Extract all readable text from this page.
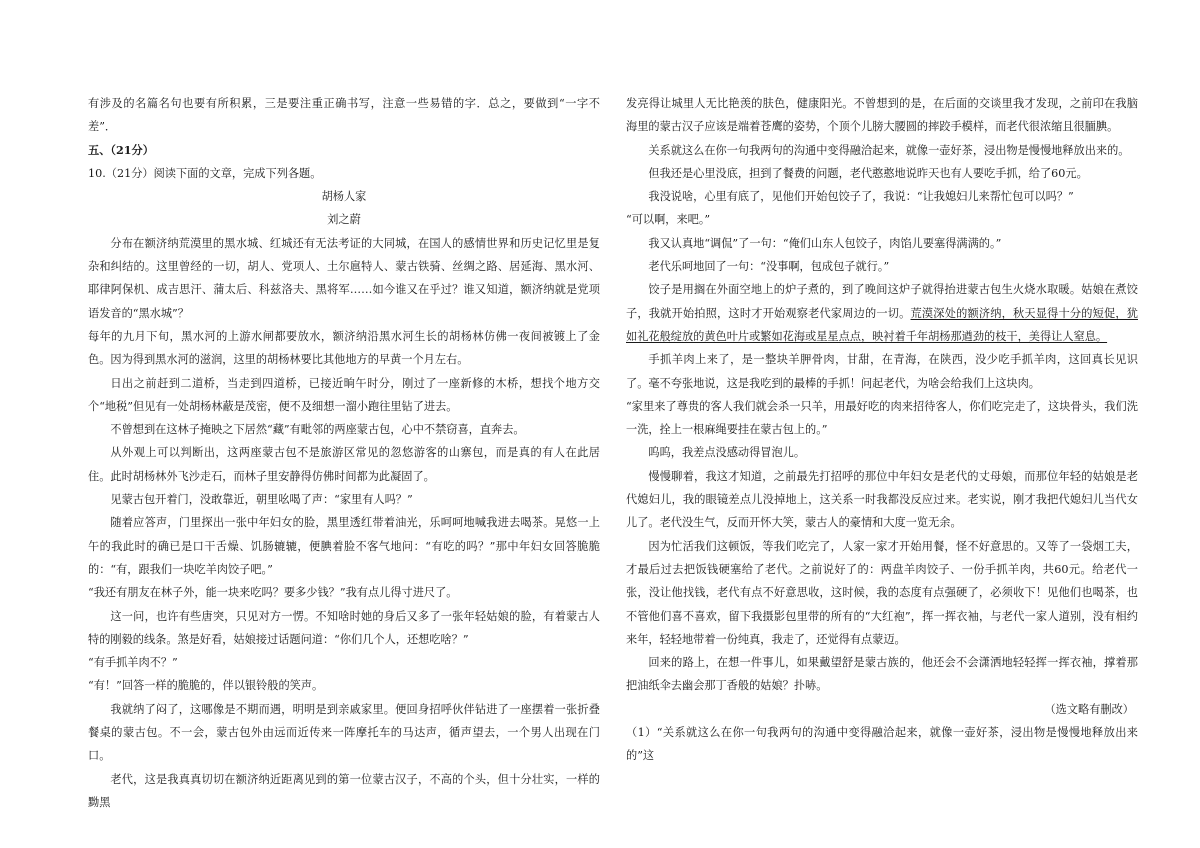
有涉及的名篇名句也要有所积累，三是要注重正确书写，注意一些易错的字．总之，要做到“一字不差”．

五、（21分）

10.（21分）阅读下面的文章，完成下列各题。

胡杨人家

刘之蔚

分布在额济纳荒漠里的黑水城、红城还有无法考证的大同城，在国人的感情世界和历史记忆里是复杂和纠结的。这里曾经的一切，胡人、党项人、土尔扈特人、蒙古铁骑、丝绸之路、居延海、黑水河、耶律阿保机、成吉思汗、蒲太后、科兹洛夫、黑将军……如今谁又在乎过？谁又知道，额济纳就是党项语发音的“黑水城”？

每年的九月下旬，黑水河的上游水闸都要放水，额济纳沿黑水河生长的胡杨林仿佛一夜间被镀上了金色。因为得到黑水河的滋润，这里的胡杨林要比其他地方的早黄一个月左右。

日出之前赶到二道桥，当走到四道桥，已接近晌午时分，刚过了一座新修的木桥，想找个地方交个“地税”但见有一处胡杨林蔽是茂密，便不及细想一溜小跑往里钻了进去。

不曾想到在这林子掩映之下居然“藏”有毗邻的两座蒙古包，心中不禁窃喜，直奔去。

从外观上可以判断出，这两座蒙古包不是旅游区常见的忽悠游客的山寨包，而是真的有人在此居住。此时胡杨林外飞沙走石，而林子里安静得仿佛时间都为此凝固了。

见蒙古包开着门，没敢靠近，朝里吆喝了声：“家里有人吗？”

随着应答声，门里探出一张中年妇女的脸，黑里透红带着油光，乐呵呵地喊我进去喝茶。晃悠一上午的我此时的确已是口干舌燥、饥肠辘辘，便腆着脸不客气地问：“有吃的吗？”那中年妇女回答脆脆的：“有，跟我们一块吃羊肉饺子吧。”

“我还有朋友在林子外，能一块来吃吗？要多少钱？”我有点儿得寸进尺了。

这一问，也许有些唐突，只见对方一愣。不知啥时她的身后又多了一张年轻姑娘的脸，有着蒙古人特的刚毅的线条。煞是好看，姑娘接过话题问道：“你们几个人，还想吃啥？”

“有手抓羊肉不？”

“有！”回答一样的脆脆的，伴以银铃般的笑声。

我就纳了闷了，这哪像是不期而遇，明明是到亲戚家里。便回身招呼伙伴钻进了一座摆着一张折叠餐桌的蒙古包。不一会，蒙古包外由远而近传来一阵摩托车的马达声，循声望去，一个男人出现在门口。

老代，这是我真真切切在额济纳近距离见到的第一位蒙古汉子，不高的个头，但十分壮实，一样的黝黑

发亮得让城里人无比艳羡的肤色，健康阳光。不曾想到的是，在后面的交谈里我才发现，之前印在我脑海里的蒙古汉子应该是端着苍鹰的姿势，个顶个儿膀大腰圆的摔跤手模样，而老代很浓缩且很腼腆。

关系就这么在你一句我两句的沟通中变得融洽起来，就像一壶好茶，浸出物是慢慢地释放出来的。

但我还是心里没底，担到了餐费的问题，老代憨憨地说昨天也有人要吃手抓，给了60元。

我没说啥，心里有底了，见他们开始包饺子了，我说：“让我媳妇儿来帮忙包可以吗？”

“可以啊，来吧。”

我又认真地“调侃”了一句：“俺们山东人包饺子，肉馅儿要塞得满满的。”

老代乐呵地回了一句：“没事啊，包成包子就行。”

饺子是用搁在外面空地上的炉子煮的，到了晚间这炉子就得抬进蒙古包生火烧水取暖。姑娘在煮饺子，我就开始拍照，这时才开始观察老代家周边的一切。荒漠深处的额济纳，秋天显得十分的短促，犹如礼花般绽放的黄色叶片或繁如花海或星星点点，映衬着千年胡杨那遒劲的枝干，美得让人窒息。

手抓羊肉上来了，是一整块羊胛骨肉，甘甜，在青海，在陕西，没少吃手抓羊肉，这回真长见识了。毫不夸张地说，这是我吃到的最棒的手抓！问起老代，为啥会给我们上这块肉。

“家里来了尊贵的客人我们就会杀一只羊，用最好吃的肉来招待客人，你们吃完走了，这块骨头，我们洗一洗，拴上一根麻绳要挂在蒙古包上的。”

呜呜，我差点没感动得冒泡儿。

慢慢聊着，我这才知道，之前最先打招呼的那位中年妇女是老代的丈母娘，而那位年轻的姑娘是老代媳妇儿，我的眼镜差点儿没掉地上，这关系一时我都没反应过来。老实说，刚才我把代媳妇儿当代女儿了。老代没生气，反而开怀大笑，蒙古人的豪情和大度一览无余。

因为忙活我们这顿饭，等我们吃完了，人家一家才开始用餐，怪不好意思的。又等了一袋烟工夫，才最后过去把饭钱硬塞给了老代。之前说好了的：两盘羊肉饺子、一份手抓羊肉，共60元。给老代一张，没让他找钱，老代有点不好意思收，这时候，我的态度有点强硬了，必须收下！见他们也喝茶，也不管他们喜不喜欢，留下我摄影包里带的所有的“大红袍”，挥一挥衣袖，与老代一家人道别，没有相约来年，轻轻地带着一份纯真，我走了，还觉得有点蒙迈。

回来的路上，在想一件事儿，如果戴望舒是蒙古族的，他还会不会潇洒地轻轻挥一挥衣袖，撑着那把油纸伞去幽会那丁香般的姑娘？扑哧。

（选文略有删改）

（1）“关系就这么在你一句我两句的沟通中变得融洽起来，就像一壶好茶，浸出物是慢慢地释放出来的”这
